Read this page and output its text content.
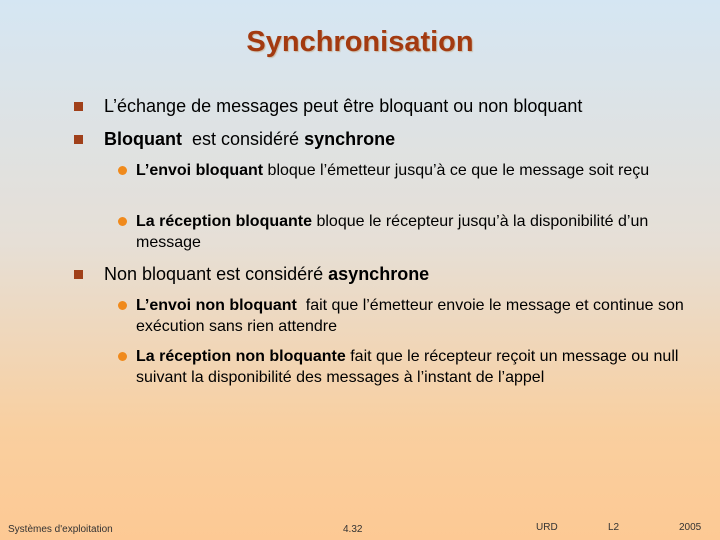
Synchronisation
L’échange de messages peut être bloquant ou non bloquant
Bloquant  est considéré synchrone
L’envoi bloquant bloque l’émetteur jusqu’à ce que le message soit reçu
La réception bloquante bloque le récepteur jusqu’à la disponibilité d’un message
Non bloquant est considéré asynchrone
L’envoi non bloquant  fait que l’émetteur envoie le message et continue son exécution sans rien attendre
La réception non bloquante fait que le récepteur reçoit un message ou null suivant la disponibilité des messages à l’instant de l’appel
Systèmes d'exploitation	4.32	URD	L2	2005
